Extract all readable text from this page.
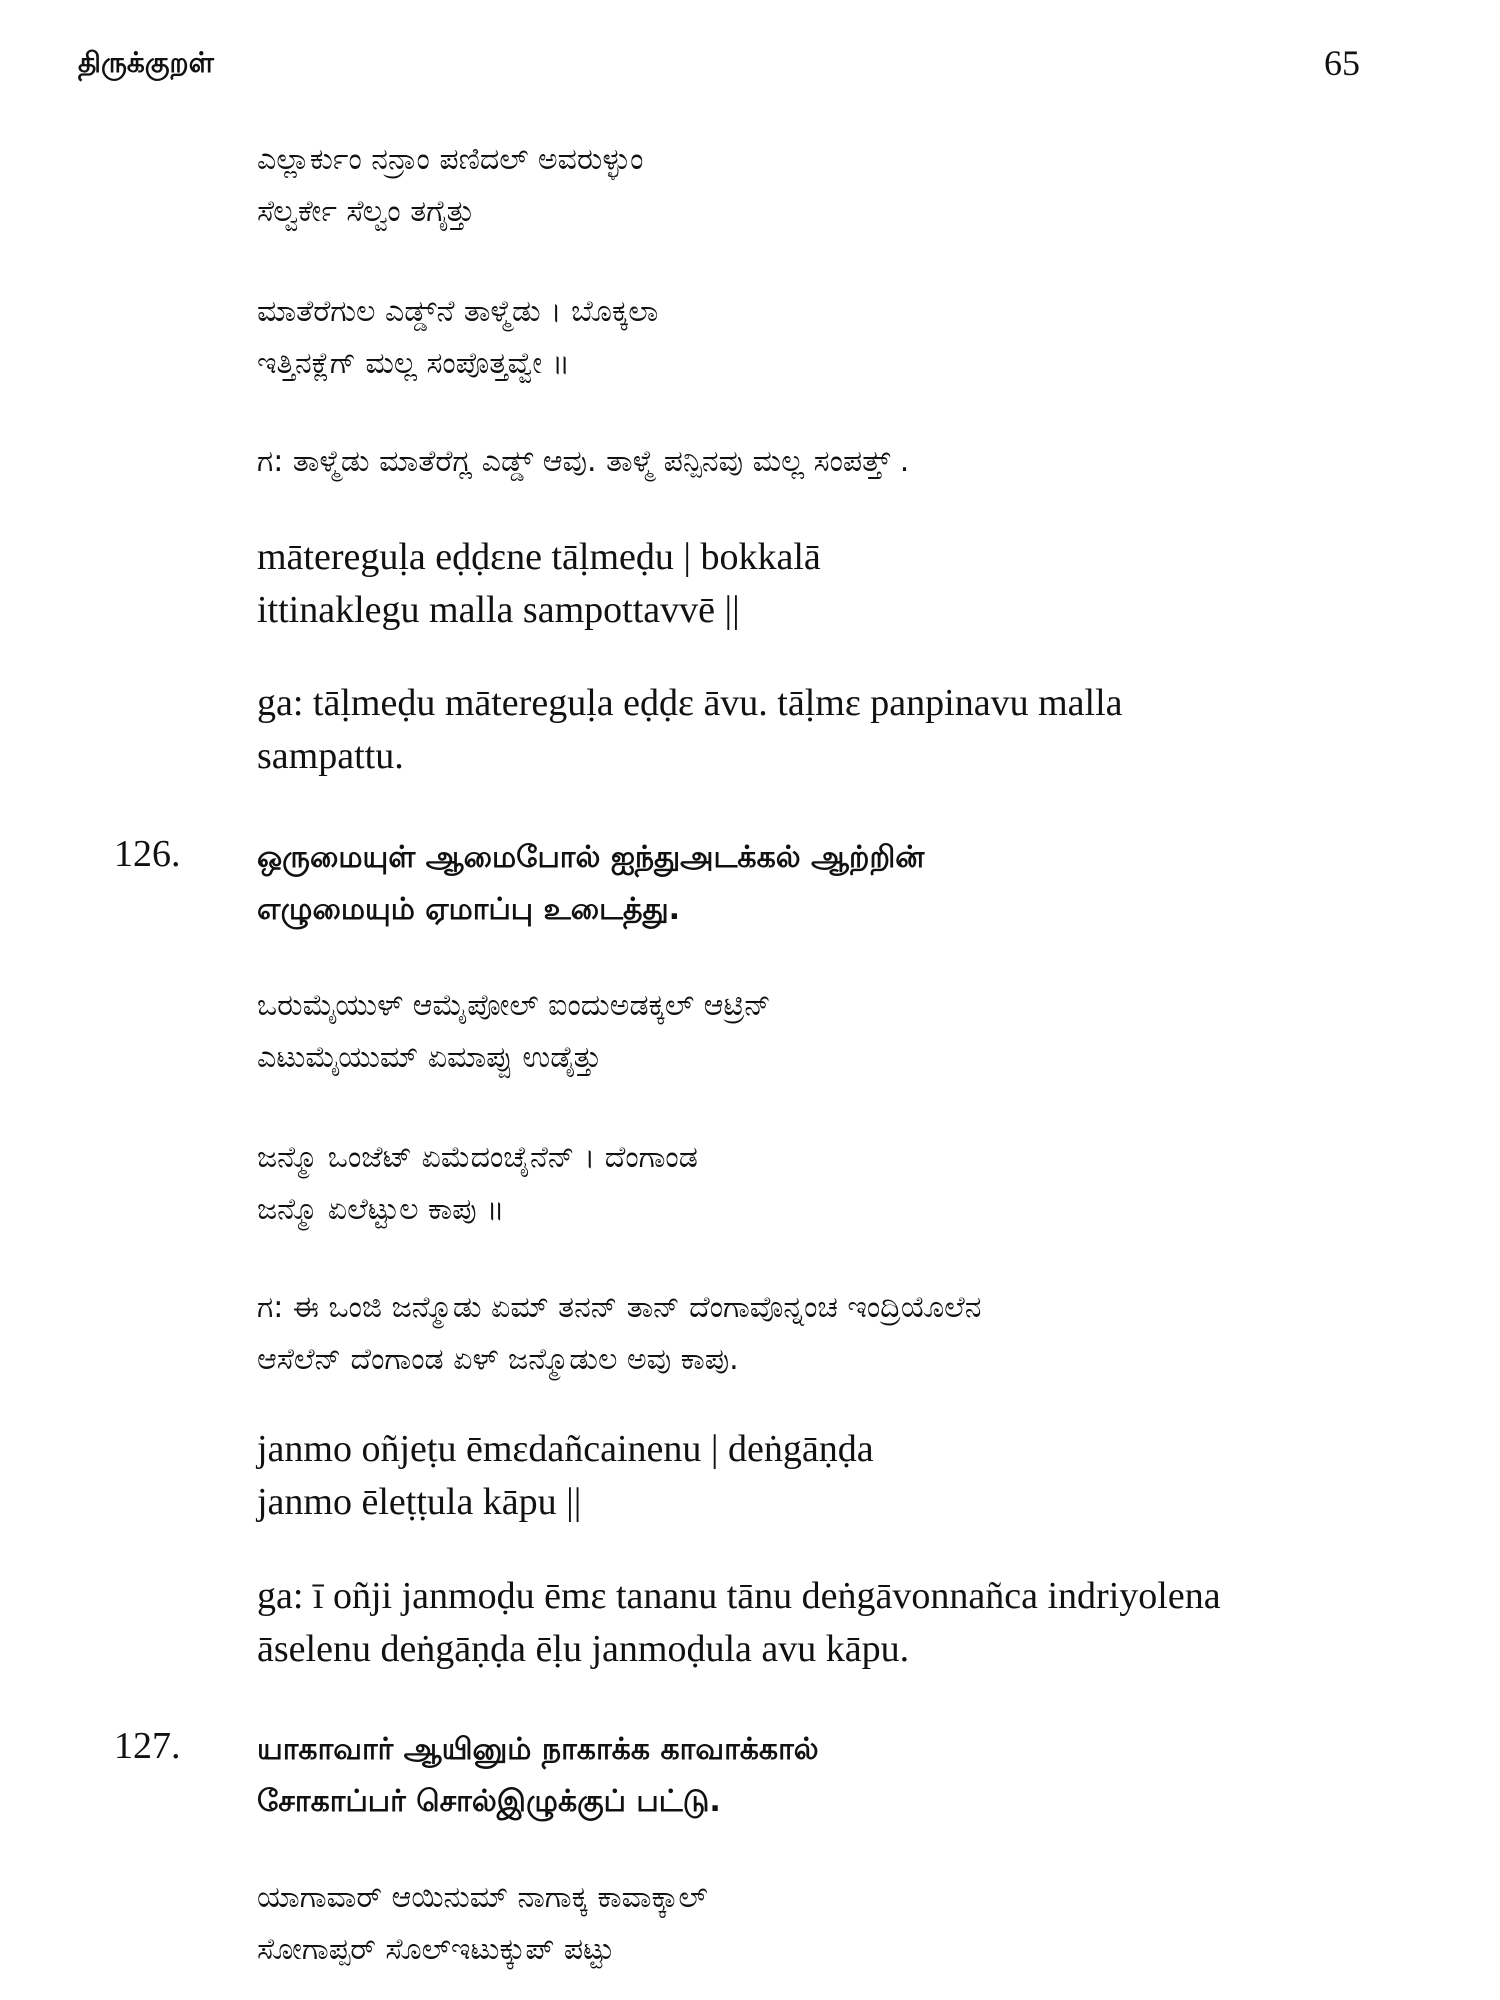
திருக்குறள்	65
ಎಲ್ಲಾರ್ಕುಂ ನನ್ರಾಂ ಪಣಿದಲ್ ಅವರುಳ್ಳುಂ
ಸೆಲ್ವರ್ಕೇ ಸೆಲ್ವಂ ತಗೈತ್ತು
ಮಾತೆರೆಗುಲ ಎಡ್ಡ್‌ನೆ ತಾಳ್ಮೆಡು । ಬೊಕ್ಕಲಾ
ಇತ್ತಿನಕ್ಲೆಗ್ ಮಲ್ಲ ಸಂಪೊತ್ತವ್ವೇ ॥
ಗ: ತಾಳ್ಮೆಡು ಮಾತೆರೆಗ್ಲ ಎಡ್ಡ್ ಆವು. ತಾಳ್ಮೆ ಪನ್ಪಿನವು ಮಲ್ಲ ಸಂಪತ್ತ್ .
mātereguḷa eḍḍɛne tāḷmeḍu | bokkalā
ittinaklegu malla sampottavvē ||
ga: tāḷmeḍu mātereguḷa eḍḍɛ āvu. tāḷmɛ panpinavu malla
sampattu.
126.	ஒருமையுள் ஆமைபோல் ஐந்துஅடக்கல் ஆற்றின்
எழுமையும் ஏமாப்பு உடைத்து.
ಒರುಮೈಯುಳ್ ಆಮೈಪೋಲ್ ಐಂದುಅಡಕ್ಕಲ್ ಆಟ್ರಿನ್
ಎಟುಮೈಯುಮ್ ಏಮಾಪ್ಪು ಉಡೈತ್ತು
ಜನ್ಮೊ ಒಂಜೆಟ್ ಏಮೆದಂಚೈನೆನ್ । ದೆಂಗಾಂಡ
ಜನ್ಮೊ ಏಲೆಟ್ಟುಲ ಕಾಪು ॥
ಗ: ಈ ಒಂಜಿ ಜನ್ಮೊಡು ಏಮ್ ತನನ್ ತಾನ್ ದೆಂಗಾವೊನ್ನಂಚ ಇಂದ್ರಿಯೊಲೆನ
ಆಸೆಲೆನ್ ದೆಂಗಾಂಡ ಏಳ್ ಜನ್ಮೊಡುಲ ಅವು ಕಾಪು.
janmo oñjeṭu ēmɛdañcainenu | deṅgāṇḍa
janmo ēleṭṭula kāpu ||
ga: ī oñji janmoḍu ēmɛ tananu tānu deṅgāvonnañca indriyolena
āselenu deṅgāṇḍa ēḷu janmoḍula avu kāpu.
127.	யாகாவார் ஆயினும் நாகாக்க காவாக்கால்
சோகாப்பர் சொல்இழுக்குப் பட்டு.
ಯಾಗಾವಾರ್ ಆಯಿನುಮ್ ನಾಗಾಕ್ಕ ಕಾವಾಕ್ಕಾಲ್
ಸೋಗಾಪ್ಪರ್ ಸೊಲ್ಇಟುಕ್ಕುಪ್ ಪಟ್ಟು
